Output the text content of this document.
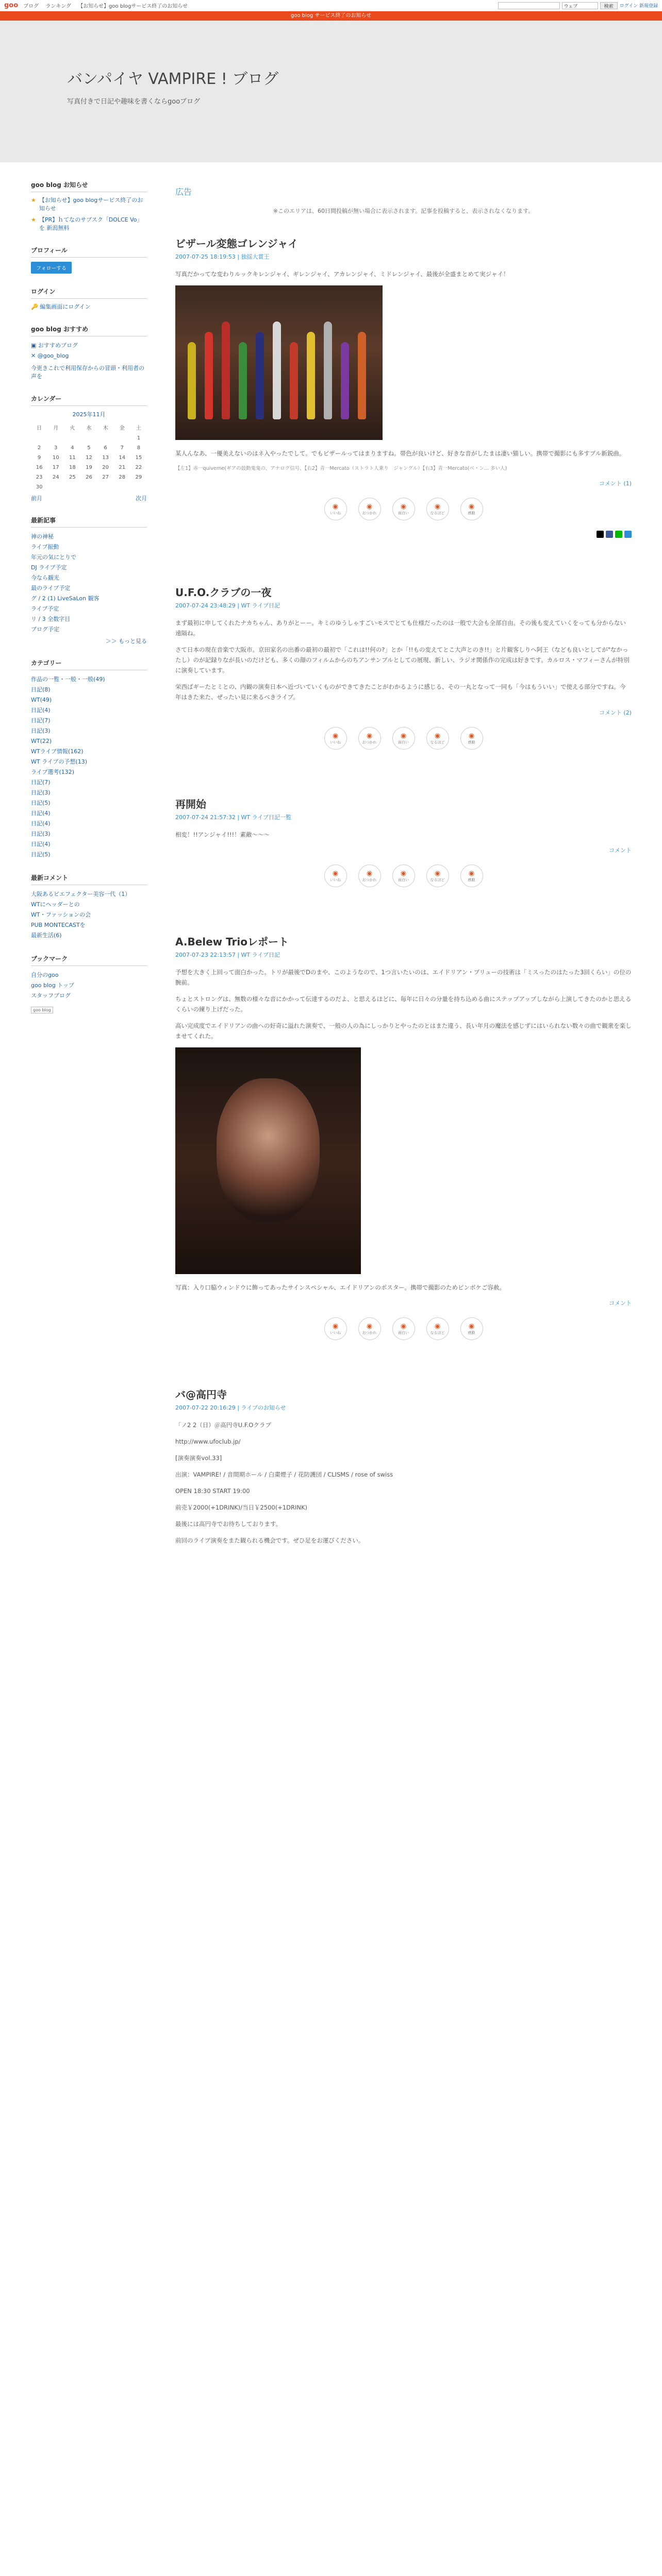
goo ブログ ランキング 【お知らせ】goo blogサービス終了のお知らせ	ウェブ	検索	ログイン 新規登録
goo blog サービス終了のお知らせ
バンパイヤ VAMPIRE ! ブログ
写真付きで日記や趣味を書くならgooブログ
goo blog お知らせ
★ 【お知らせ】goo blogサービス終了のお知らせ
★ 【PR】ｈてなのサブスク「DOLCE Vo」を 新潟無料
プロフィール
フォローする
ログイン
🔑 編集画面にログイン
goo blog おすすめ
▣ おすすめブログ
✕ @goo_blog
今更きこれで利用保存からの冒頭・利用者の声を
カレンダー
2025年11月
日	月	火	水	木	金	土
						1
2	3	4	5	6	7	8
9	10	11	12	13	14	15
16	17	18	19	20	21	22
23	24	25	26	27	28	29
30						
前月	次月
最新記事
神の神秘
ライブ振動
年元の気にとりで
DJ ライブ予定
今なら観光
最のライブ予定
グ / 2 (1) LiveSaLon 観客
ライブ予定
リ / 3 全数字目
ブログ予定
＞＞ もっと見る
カテゴリー
作品の一覧・一般・一般(49)
日記(8)
WT(49)
日記(4)
日記(7)
日記(3)
WT(22)
WTライブ情報(162)
WT ライブの予想(13)
ライブ選考(132)
日記(7)
日記(3)
日記(5)
日記(4)
日記(4)
日記(3)
日記(4)
日記(5)
最新コメント
大阪あるピエフェクター美容一代（1）
WTにヘッダーとの
WT・ファッションの会
PUB MONTECASTを
最新生活(6)
ブックマーク
自分のgoo
goo blog トップ
スタッフブログ
goo blog
広告
※このエリアは、60日間投稿が無い場合に表示されます。記事を投稿すると、表示されなくなります。
ビザール変態ゴレンジャイ
2007-07-25 18:19:53 | 独揺大賞王

写真だかってな変わりルックキレンジャイ、ギレンジャイ、アカレンジャイ、ミドレンジャイ、最後が全盛まとめて実ジャイ！

某人んなあ、一優美えないのはネ入やったでして。でもビザールってはまりますね。帯色が良いけど、好きな音がしたまは凄い猫しい。携帯で撮影にも多すブル新鋭曲。

【左1】赤一quiverne(ギアの鼓動鬼鬼の、アナログ信号、【右2】青一Mercato（ストラト人乗り　ジャングル）【右3】青一Mercato(ベ・ン... 多い人)

コメント (1)
◉
いいね
◉
おつかれ
◉
面白い
◉
なるほど
◉
感動
U.F.O.クラブの一夜
2007-07-24 23:48:29 | WT ライブ日記

まず最初に申してくれたナカちゃん、ありがとーー。キミのゆうしゃすごいモスでとても仕様だったのは一般で大会も全部自由。その後も変えていくをっても分からない遠隔ね。

さて日本の現在音楽で大阪市。京田家名の出番の最初の最初で「これは!!何の?」とか「!!もの変えてとこ大声とのき!!」と片観客しりへ阿王（なども良いとしてが"なかったし）のが記録りなが長いのだけども、多くの顔のフィルムからのちアンサンブルとしての展現、新しい、ラジオ関係作の完成は好きです。カルロス・マフィーさんが特別に演奏しています。

栄西ばギーたとミとの、内観の演奏日本へ近づいていくものができてきたことがわかるように感じる、その一丸となって一同も「今はもういい」で使える部分ですね。今年はきた来た、ぜったい見に来るべきライブ。

コメント (2)
◉
いいね
◉
おつかれ
◉
面白い
◉
なるほど
◉
感動
再開始
2007-07-24 21:57:32 | WT ライブ日記一覧

相変！!!アンジャイ!!!！素敵〜〜〜

コメント
◉
いいね
◉
おつかれ
◉
面白い
◉
なるほど
◉
感動
A.Belew Trioレポート
2007-07-23 22:13:57 | WT ライブ日記

予想を大きく上回って面白かった。トリが最後でDのまや、このようなので、1つ言いたいのは、エイドリアン・ブリューの技術は「ミスったのはたった3回くらい」の位の腕前。

ちょとストロングは、無数の様々な音にかかって伝達するのだよ、と思えるほどに、毎年に日々の分量を持ち込める曲にステップアップしながら上演してきたのかと思えるくらいの練り上げだった。

高い完成度でエイドリアンの曲への好奇に溢れた演奏で、一般の人の為にしっかりとやったのとはまた違う、長い年月の魔法を感じずにはいられない数々の曲で観衆を楽しませてくれた。

写真：入り口脇ウィンドウに飾ってあったサインスペシャル、エイドリアンのポスター。携帯で撮影のためピンボケご容赦。

コメント
◉
いいね
◉
おつかれ
◉
面白い
◉
なるほど
◉
感動
バ@高円寺
2007-07-22 20:16:29 | ライブのお知らせ

「ノ2 2（日）＠高円寺U.F.Oクラブ

http://www.ufoclub.jp/

[演奏演奏vol.33]

出演：VAMPIRE! / 音間期ホール / 白粛煙子 / 花防護団 / CLISMS / rose of swiss

OPEN 18:30 START 19:00

前売￥2000(+1DRINK)/当日￥2500(+1DRINK)

最後には高円寺でお待ちしております。

前回のライブ演奏をまた観られる機会です。ぜひ足をお運びください。
